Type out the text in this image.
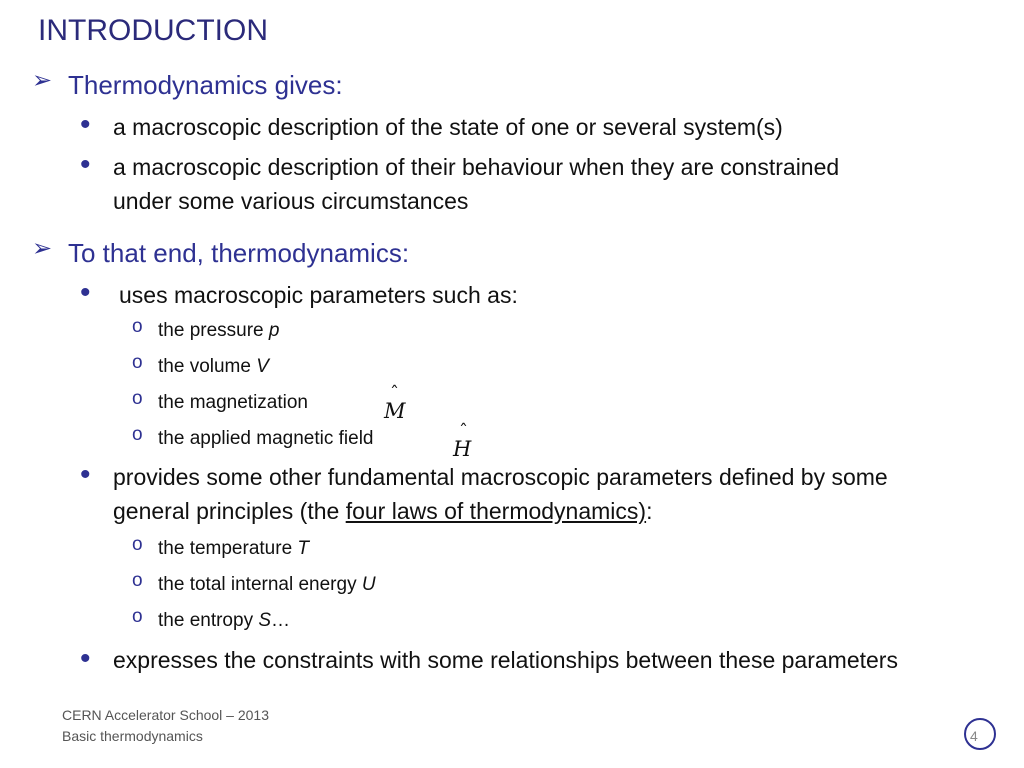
INTRODUCTION
➢ Thermodynamics gives:
• a macroscopic description of the state of one or several system(s)
• a macroscopic description of their behaviour when they are constrained
under some various circumstances
➢ To that end, thermodynamics:
• uses macroscopic parameters such as:
o the pressure p
o the volume V
o the magnetization	M
ˆ
o the applied magnetic field	H
ˆ
• provides some other fundamental macroscopic parameters defined by some
general principles (the four laws of thermodynamics):
o the temperature T
o the total internal energy U
o the entropy S…
• expresses the constraints with some relationships between these parameters
CERN Accelerator School – 2013
Basic thermodynamics	4
